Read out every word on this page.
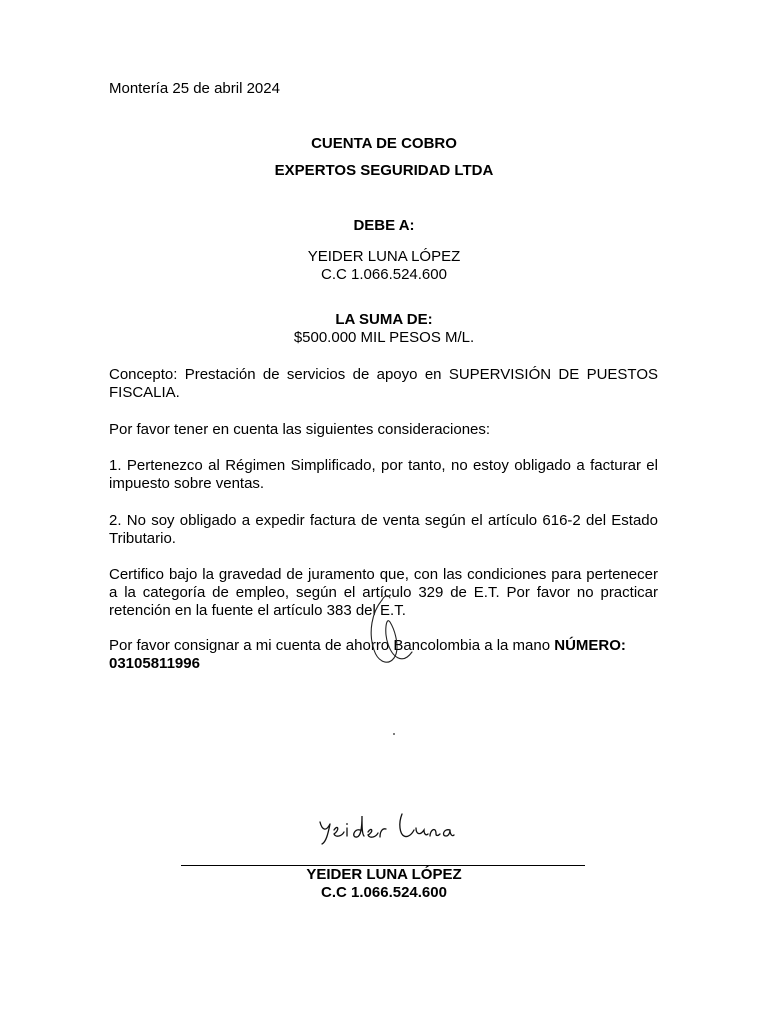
Montería 25 de abril 2024
CUENTA DE COBRO
EXPERTOS SEGURIDAD LTDA
DEBE A:
YEIDER LUNA LÓPEZ
C.C 1.066.524.600
LA SUMA DE:
$500.000 MIL PESOS M/L.
Concepto: Prestación de servicios de apoyo en SUPERVISIÓN DE PUESTOS FISCALIA.
Por favor tener en cuenta las siguientes consideraciones:
1. Pertenezco al Régimen Simplificado, por tanto, no estoy obligado a facturar el impuesto sobre ventas.
2. No soy obligado a expedir factura de venta según el artículo 616-2 del Estado Tributario.
Certifico bajo la gravedad de juramento que, con las condiciones para pertenecer a la categoría de empleo, según el artículo 329 de E.T. Por favor no practicar retención en la fuente el artículo 383 del E.T.
Por favor consignar a mi cuenta de ahorro Bancolombia a la mano NÚMERO:
03105811996
YEIDER LUNA LÓPEZ
C.C 1.066.524.600
